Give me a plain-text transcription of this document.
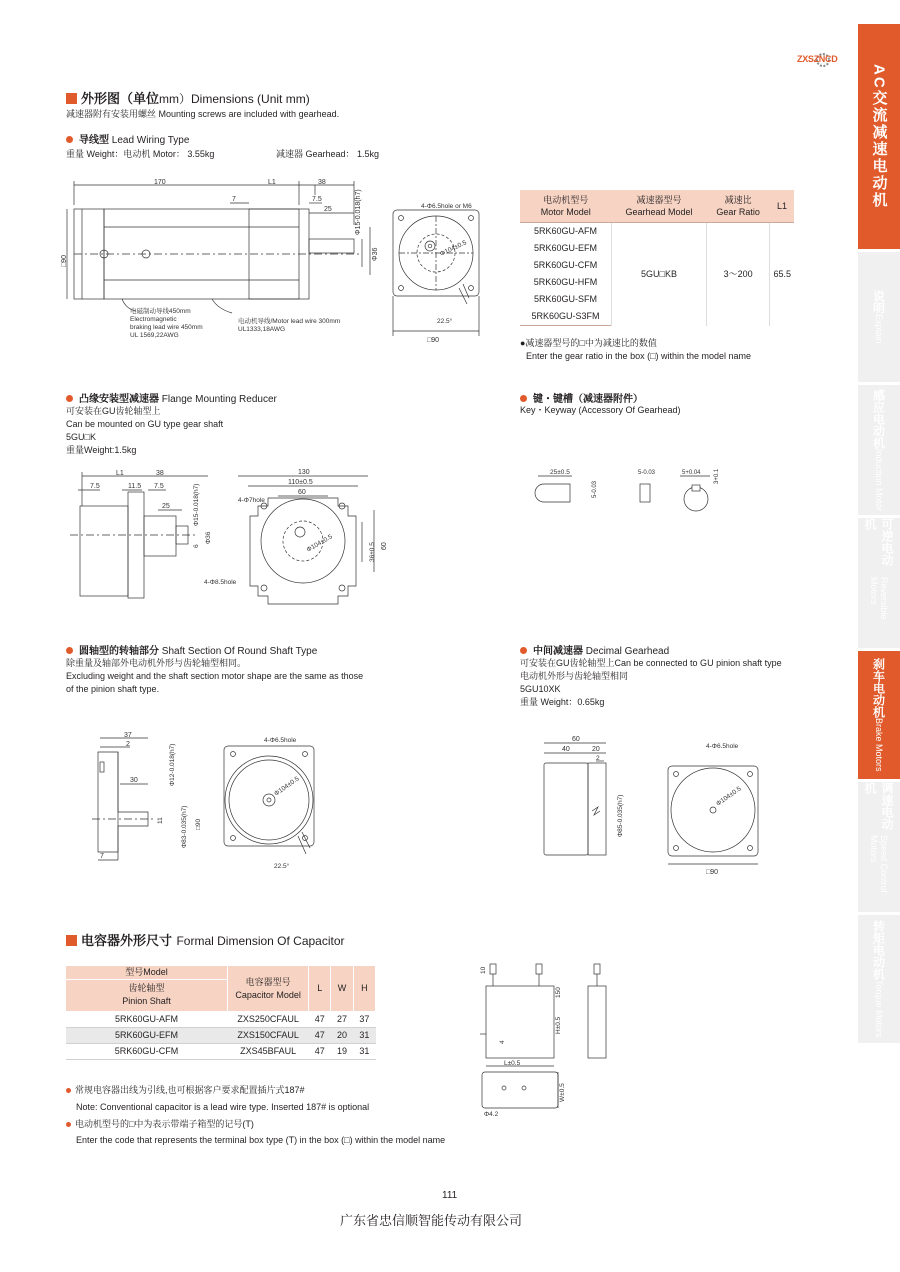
ZXSZNCD
AC交流减速电动机
说明
Explain
感应电动机
Induction Motor
可逆电动机
Reversible Motors
刹车电动机
Brake Motors
调速电动机
Speed Control Motors
转矩电动机
Torque Motors
外形图（单位mm）Dimensions (Unit mm)
减速器附有安装用螺丝 Mounting screws are included with gearhead.
导线型 Lead Wiring Type
重量 Weight：电动机 Motor： 3.55kg	减速器 Gearhead： 1.5kg
170	L1	38
7	7.5
25	Φ15-0.018(h7)
Φ36
□90
电磁制动导线450mm
Electromagnetic
braking lead wire 450mm
UL 1569,22AWG
电动机导线/Motor lead wire 300mm
UL1333,18AWG
4-Φ6.5hole or M6
Φ104±0.5
22.5°
□90
电动机型号
Motor Model	减速器型号
Gearhead Model	减速比
Gear Ratio	L1
5RK60GU-AFM	5GU□KB	3～200	65.5
5RK60GU-EFM			
5RK60GU-CFM			
5RK60GU-HFM			
5RK60GU-SFM			
5RK60GU-S3FM			
●减速器型号的□中为减速比的数值
Enter the gear ratio in the box (□) within the model name
凸缘安装型减速器 Flange Mounting Reducer
可安装在GU齿轮轴型上
Can be mounted on GU type gear shaft
5GU□K
重量Weight:1.5kg
L1	38
7.5	11.5 7.5
25	Φ15-0.018(h7)
Φ36
6
130
110±0.5
60
4-Φ7hole
Φ104±0.5	36±0.5 60
4-Φ8.5hole
键・键槽（减速器附件）
Key・Keyway (Accessory Of Gearhead)
25±0.5
5-0.03
5-0.03	5+0.04 3+0.1
圆轴型的转轴部分 Shaft Section Of Round Shaft Type
除重量及轴部外电动机外形与齿轮轴型相同。
Excluding weight and the shaft section motor shape are the same as those
of the pinion shaft type.
37
2
30
11
7
Φ12-0.018(h7)
Φ83-0.035(h7) □90
4-Φ6.5hole
Φ104±0.5
22.5°
中间减速器 Decimal Gearhead
可安装在GU齿轮轴型上Can be connected to GU pinion shaft type
电动机外形与齿轮轴型相同
5GU10XK
重量 Weight：0.65kg
60
40	20
2
Φ85-0.035(h7)
4-Φ6.5hole
Φ104±0.5
□90
电容器外形尺寸 Formal Dimension Of Capacitor
型号Model	电容器型号
Capacitor Model	L	W	H
齿轮轴型
Pinion Shaft				
5RK60GU-AFM	ZXS250CFAUL	47	27	37
5RK60GU-EFM	ZXS150CFAUL	47	20	31
5RK60GU-CFM	ZXS45BFAUL	47	19	31
常规电容器出线为引线,也可根据客户要求配置插片式187#
Note: Conventional capacitor is a lead wire type. Inserted 187# is optional
电动机型号的□中为表示带端子箱型的记号(T)
Enter the code that represents the terminal box type (T) in the box (□) within the model name
10
150
4
H±0.5
L±0.5
W±0.5
Φ4.2
111
广东省忠信顺智能传动有限公司
